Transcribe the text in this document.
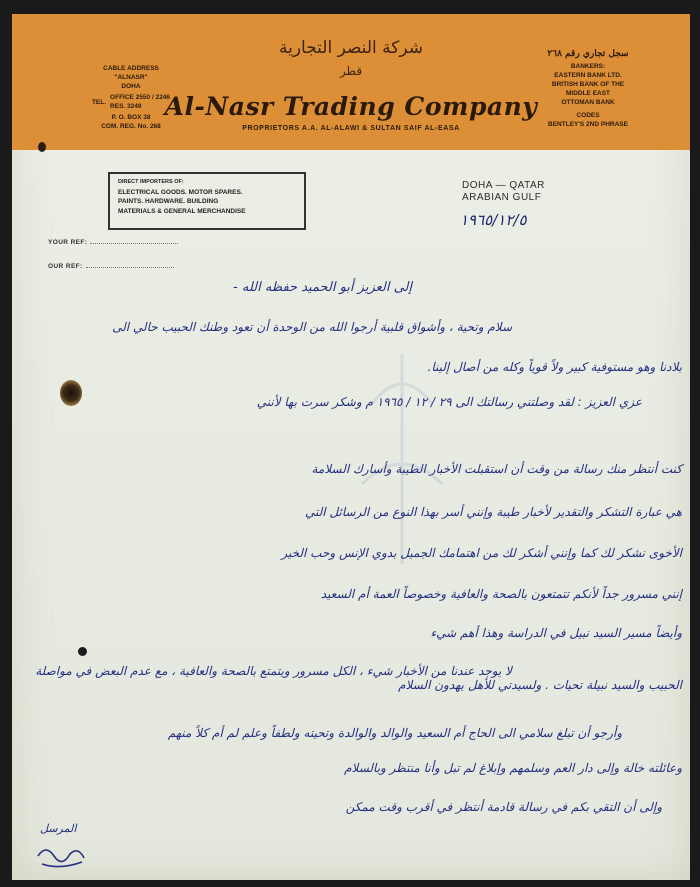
شركة النصر التجارية
قطر
Al-Nasr Trading Company
PROPRIETORS A.A. AL-ALAWI & SULTAN SAIF AL-EASA
CABLE ADDRESS
"ALNASR"
DOHA
TEL.
OFFICE 2550 / 2246
RES. 3249
P. O. BOX 38
COM. REG. No. 268
سجل تجاري رقم ٢٦٨
BANKERS:
EASTERN BANK LTD.
BRITISH BANK OF THE
MIDDLE EAST
OTTOMAN BANK
CODES
BENTLEY'S 2ND PHRASE
DIRECT IMPORTERS OF:
ELECTRICAL GOODS. MOTOR SPARES.
PAINTS. HARDWARE. BUILDING
MATERIALS & GENERAL MERCHANDISE
DOHA — QATAR
ARABIAN GULF
١٩٦٥/١٢/٥
YOUR REF:
OUR REF:
إلى العزيز أبو الحميد حفظه الله -
سلام وتحية ، وأشواق قلبية أرجوا الله من الوحدة أن تعود وطنك الحبيب حالي الى
بلادنا وهو مستوفية كبير ولاً قوياً وكله من أصال إلينا.
عزي العزيز : لقد وصلتني رسالتك الى ٢٩ / ١٢ / ١٩٦٥ م وشكر سرت بها لأنني
كنت أنتظر منك رسالة من وقت أن استقبلت الأخبار الطيبة وأسارك السلامة
هي عبارة التشكر والتقدير لأخبار طيبة وإنني أسر بهذا النوع من الرسائل التي
الأخوى نشكر لك كما وإنني أشكر لك من اهتمامك الجميل بدوي الإنس وحب الخير
إنني مسرور جداً لأنكم تتمتعون بالصحة والعافية وخصوصاً العمة أم السعيد
وأيضاً مسير السيد نبيل في الدراسة وهذا أهم شيء
لا يوجد عندنا من الأخبار شيء ، الكل مسرور ويتمتع بالصحة والعافية ، مع عدم البعض في مواصلة
الحبيب والسيد نبيلة تحيات . ولسيدتي للأهل يهدون السلام
وأرجو أن تبلغ سلامي الى الحاج أم السعيد والوالد والوالدة وتحيته ولطفاً وعلم لم أم كلاً منهم
وعائلته خالة وإلى دار العم وسلمهم وإبلاغ لم تبل وأنا منتظر وبالسلام
وإلى أن التقي بكم في رسالة قادمة أنتظر في أقرب وقت ممكن
المرسل
